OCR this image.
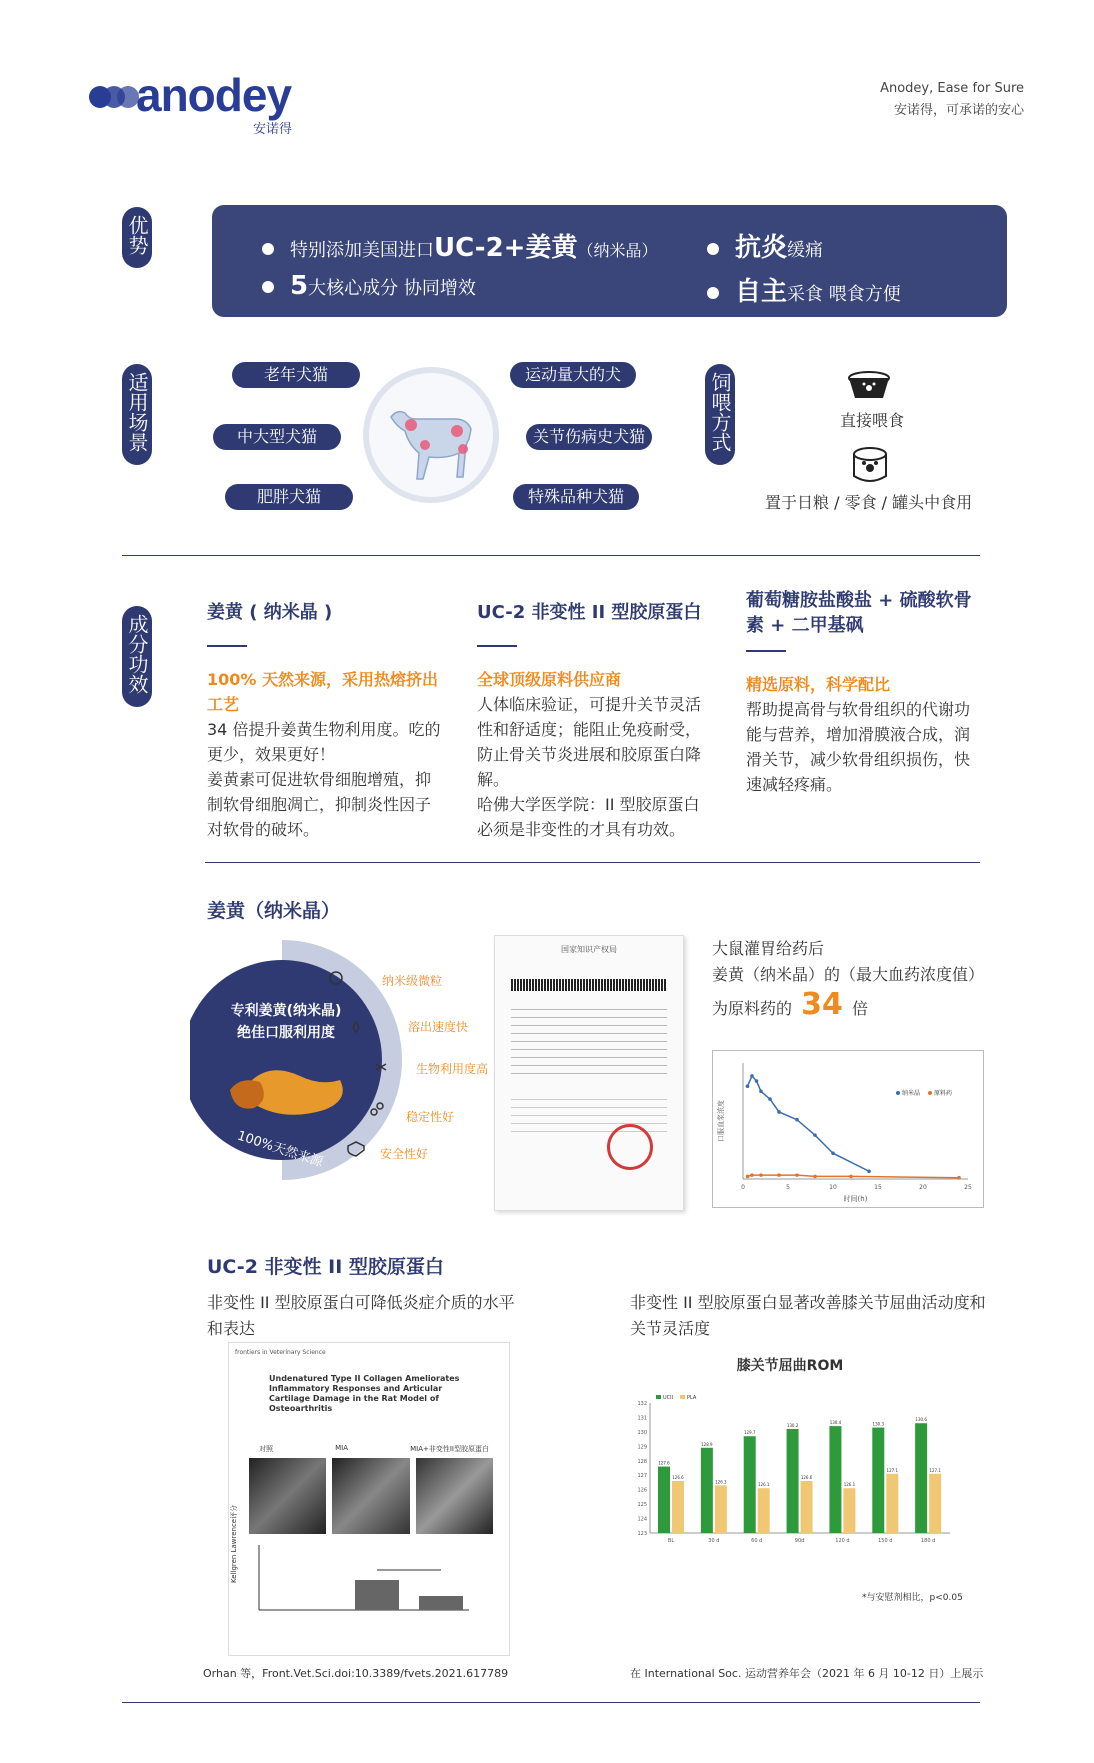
anodey
安诺得
Anodey, Ease for Sure
安诺得，可承诺的安心
优势	特别添加美国进口 UC-2+姜黄 （纳米晶）	抗炎 缓痛
5 大核心成分 协同增效	自主 采食 喂食方便
适用场景	老年犬猫
中大型犬猫
肥胖犬猫
运动量大的犬
关节伤病史犬猫
特殊品种犬猫
饲喂方式	直接喂食
置于日粮 / 零食 / 罐头中食用
成分功效
姜黄 ( 纳米晶 )
100% 天然来源，采用热熔挤出工艺
34 倍提升姜黄生物利用度。吃的更少，效果更好！
姜黄素可促进软骨细胞增殖，抑制软骨细胞凋亡，抑制炎性因子对软骨的破坏。
UC-2 非变性 II 型胶原蛋白
全球顶级原料供应商
人体临床验证，可提升关节灵活性和舒适度；能阻止免疫耐受，防止骨关节炎进展和胶原蛋白降解。
哈佛大学医学院：II 型胶原蛋白必须是非变性的才具有功效。
葡萄糖胺盐酸盐 + 硫酸软骨素 + 二甲基砜
精选原料，科学配比
帮助提高骨与软骨组织的代谢功能与营养，增加滑膜液合成，润滑关节，减少软骨组织损伤，快速减轻疼痛。
姜黄（纳米晶）
专利姜黄(纳米晶)
绝佳口服利用度
100%天然来源
纳米级微粒
溶出速度快
生物利用度高
稳定性好
安全性好
国家知识产权局	大鼠灌胃给药后
姜黄（纳米晶）的（最大血药浓度值）
为原料药的 34 倍
0	5	10	15	20	25
时间(h)
口服血浆浓度
纳米晶 原料药
UC-2 非变性 II 型胶原蛋白
非变性 II 型胶原蛋白可降低炎症介质的水平和表达
非变性 II 型胶原蛋白显著改善膝关节屈曲活动度和关节灵活度
frontiers in Veterinary Science
Undenatured Type II Collagen Ameliorates Inflammatory Responses and Articular Cartilage Damage in the Rat Model of Osteoarthritis
对照	MIA	MIA+非变性II型胶原蛋白
Kellgren Lawrence评分
Orhan 等，Front.Vet.Sci.doi:10.3389/fvets.2021.617789
膝关节屈曲ROM
123
124
125
126
127
128
129
130
131
132
127.6
126.6
BL
128.9
126.3
30 d
129.7
126.1
60 d
130.2
126.6
90d
130.4
126.1
120 d
130.3
127.1
150 d
130.6
127.1
180 d
UCII	PLA
*与安慰剂相比，p<0.05
在 International Soc. 运动营养年会（2021 年 6 月 10-12 日）上展示
